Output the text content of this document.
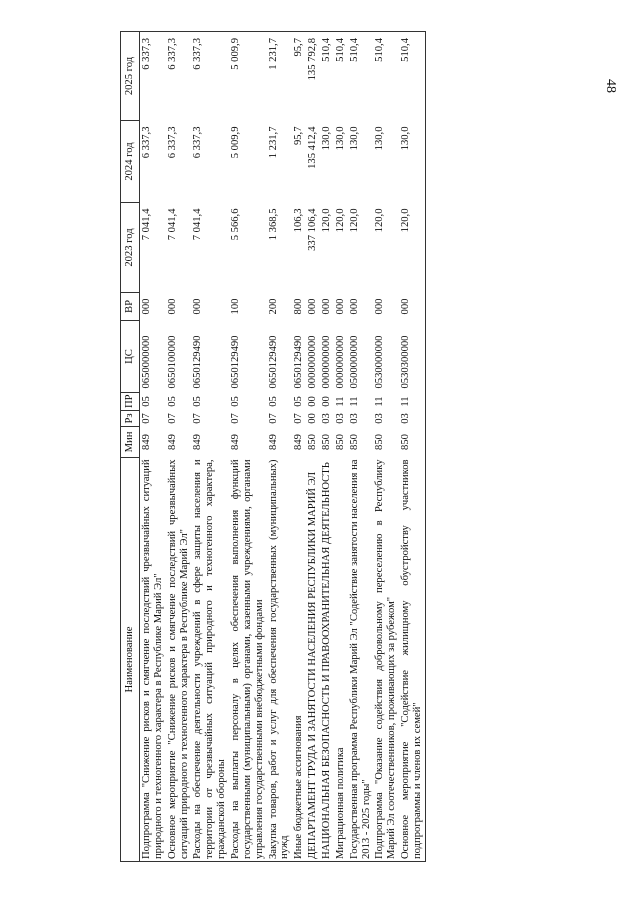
48
Наименование	Мин	Рз	ПР	ЦС	ВР	2023 год	2024 год	2025 год
Подпрограмма "Снижение рисков и смягчение последствий чрезвычайных ситуаций природного и техногенного характера в Республике Марий Эл"	849	07	05	0650000000	000	7 041,4	6 337,3	6 337,3
Основное мероприятие "Снижение рисков и смягчение последствий чрезвычайных ситуаций природного и техногенного характера в Республике Марий Эл"	849	07	05	0650100000	000	7 041,4	6 337,3	6 337,3
Расходы на обеспечение деятельности учреждений в сфере защиты населения и территории от чрезвычайных ситуаций природного и техногенного характера, гражданской обороны	849	07	05	0650129490	000	7 041,4	6 337,3	6 337,3
Расходы на выплаты персоналу в целях обеспечения выполнения функций государственными (муниципальными) органами, казенными учреждениями, органами управления государственными внебюджетными фондами	849	07	05	0650129490	100	5 566,6	5 009,9	5 009,9
Закупка товаров, работ и услуг для обеспечения государственных (муниципальных) нужд	849	07	05	0650129490	200	1 368,5	1 231,7	1 231,7
Иные бюджетные ассигнования	849	07	05	0650129490	800	106,3	95,7	95,7
ДЕПАРТАМЕНТ ТРУДА И ЗАНЯТОСТИ НАСЕЛЕНИЯ РЕСПУБЛИКИ МАРИЙ ЭЛ	850	00	00	0000000000	000	337 106,4	135 412,4	135 792,8
НАЦИОНАЛЬНАЯ БЕЗОПАСНОСТЬ И ПРАВООХРАНИТЕЛЬНАЯ ДЕЯТЕЛЬНОСТЬ	850	03	00	0000000000	000	120,0	130,0	510,4
Миграционная политика	850	03	11	0000000000	000	120,0	130,0	510,4
Государственная программа Республики Марий Эл "Содействие занятости населения на 2013 - 2025 годы"	850	03	11	0500000000	000	120,0	130,0	510,4
Подпрограмма "Оказание содействия добровольному переселению в Республику Марий Эл соотечественников, проживающих за рубежом"	850	03	11	0530000000	000	120,0	130,0	510,4
Основное мероприятие "Содействие жилищному обустройству участников подпрограммы и членов их семей"	850	03	11	0530300000	000	120,0	130,0	510,4
